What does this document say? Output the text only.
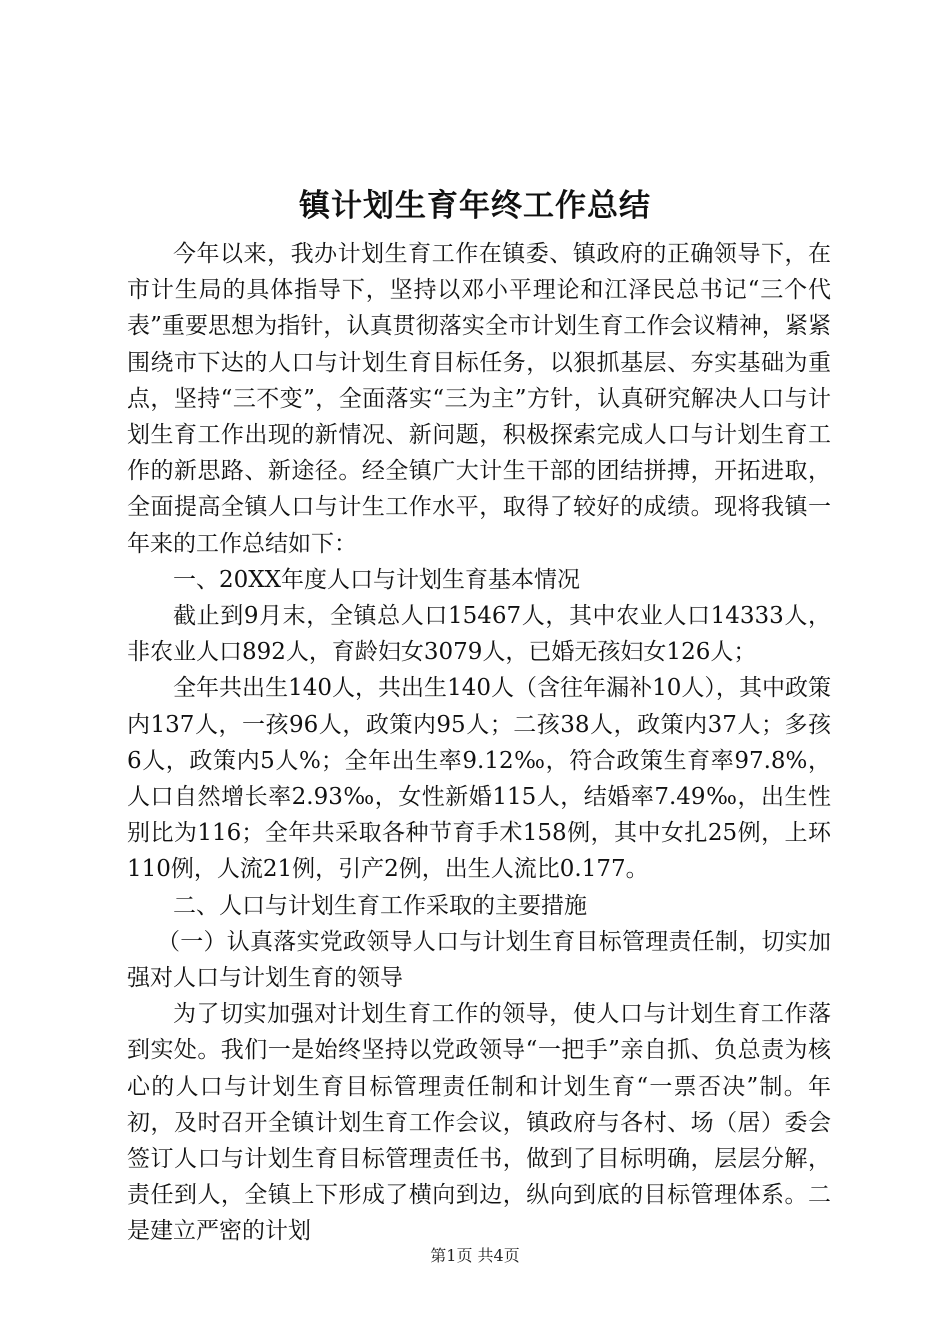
镇计划生育年终工作总结

今年以来，我办计划生育工作在镇委、镇政府的正确领导下，在市计生局的具体指导下，坚持以邓小平理论和江泽民总书记“三个代表”重要思想为指针，认真贯彻落实全市计划生育工作会议精神，紧紧围绕市下达的人口与计划生育目标任务，以狠抓基层、夯实基础为重点，坚持“三不变”，全面落实“三为主”方针，认真研究解决人口与计划生育工作出现的新情况、新问题，积极探索完成人口与计划生育工作的新思路、新途径。经全镇广大计生干部的团结拼搏，开拓进取，全面提高全镇人口与计生工作水平，取得了较好的成绩。现将我镇一年来的工作总结如下：

一、20XX年度人口与计划生育基本情况

截止到9月末，全镇总人口15467人，其中农业人口14333人，非农业人口892人，育龄妇女3079人，已婚无孩妇女126人；

全年共出生140人，共出生140人（含往年漏补10人），其中政策内137人，一孩96人，政策内95人；二孩38人，政策内37人；多孩6人，政策内5人%；全年出生率9.12‰，符合政策生育率97.8%，人口自然增长率2.93‰，女性新婚115人，结婚率7.49‰，出生性别比为116；全年共采取各种节育手术158例，其中女扎25例，上环110例，人流21例，引产2例，出生人流比0.177。

二、人口与计划生育工作采取的主要措施

（一）认真落实党政领导人口与计划生育目标管理责任制，切实加强对人口与计划生育的领导

为了切实加强对计划生育工作的领导，使人口与计划生育工作落到实处。我们一是始终坚持以党政领导“一把手”亲自抓、负总责为核心的人口与计划生育目标管理责任制和计划生育“一票否决”制。年初，及时召开全镇计划生育工作会议，镇政府与各村、场（居）委会签订人口与计划生育目标管理责任书，做到了目标明确，层层分解，责任到人，全镇上下形成了横向到边，纵向到底的目标管理体系。二是建立严密的计划

第1页 共4页
